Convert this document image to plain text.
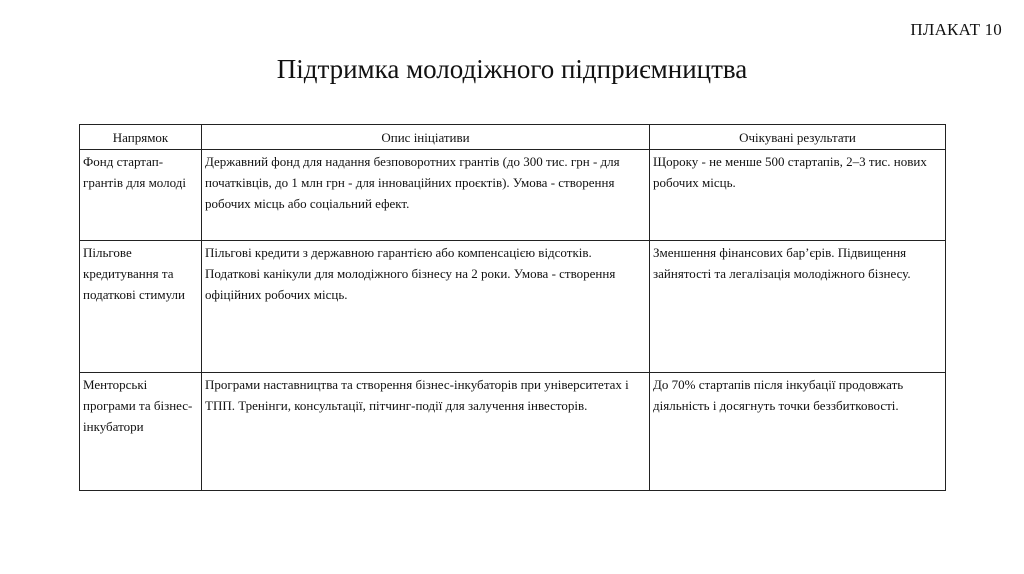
ПЛАКАТ 10
Підтримка молодіжного підприємництва
Напрямок	Опис ініціативи	Очікувані результати
Фонд стартап-грантів для молоді	Державний фонд для надання безповоротних грантів (до 300 тис. грн - для початківців, до 1 млн грн - для інноваційних проєктів). Умова - створення робочих місць або соціальний ефект.	Щороку - не менше 500 стартапів, 2–3 тис. нових робочих місць.
Пільгове кредитування та податкові стимули	Пільгові кредити з державною гарантією або компенсацією відсотків. Податкові канікули для молодіжного бізнесу на 2 роки. Умова - створення офіційних робочих місць.	Зменшення фінансових бар’єрів. Підвищення зайнятості та легалізація молодіжного бізнесу.
Менторські програми та бізнес-інкубатори	Програми наставництва та створення бізнес-інкубаторів при університетах і ТПП. Тренінги, консультації, пітчинг-події для залучення інвесторів.	До 70% стартапів після інкубації продовжать діяльність і досягнуть точки беззбитковості.
